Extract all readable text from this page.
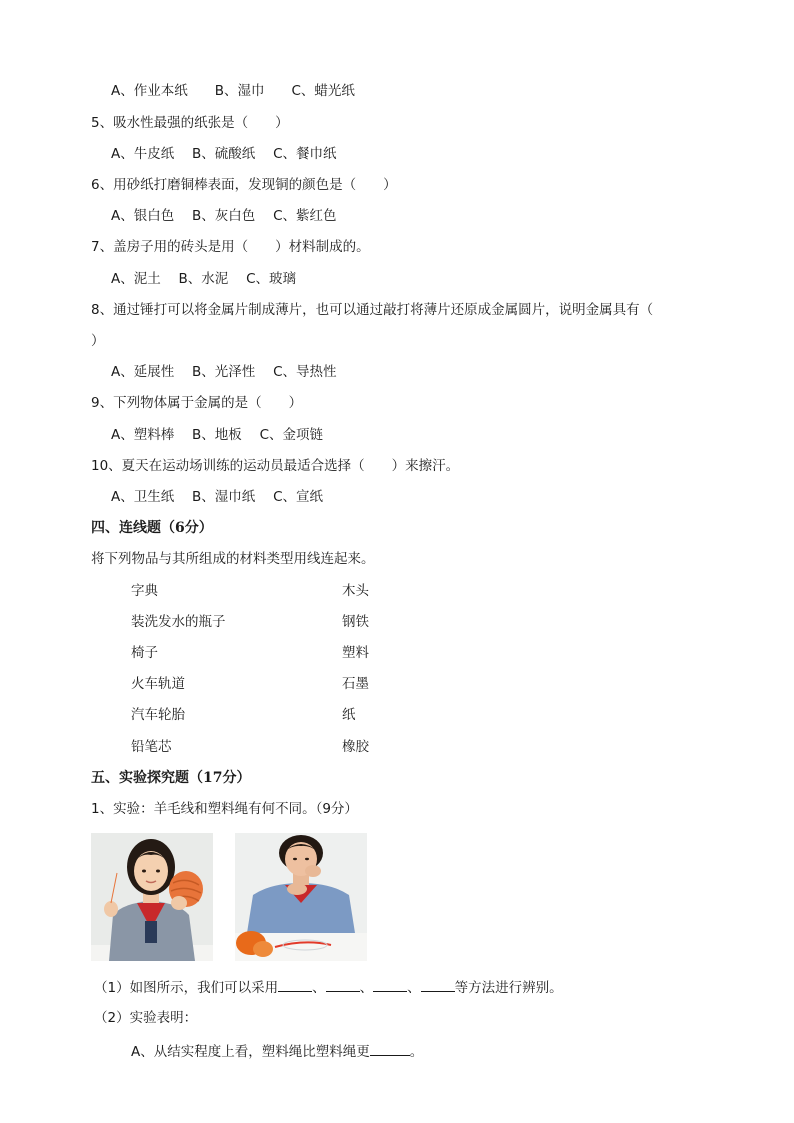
A、作业本纸　　B、湿巾　　C、蜡光纸
5、吸水性最强的纸张是（　　）
A、牛皮纸　 B、硫酸纸　 C、餐巾纸
6、用砂纸打磨铜棒表面，发现铜的颜色是（　　）
A、银白色　 B、灰白色　 C、紫红色
7、盖房子用的砖头是用（　　）材料制成的。
A、泥土　 B、水泥　 C、玻璃
8、通过锤打可以将金属片制成薄片，也可以通过敲打将薄片还原成金属圆片，说明金属具有（
）
A、延展性　 B、光泽性　 C、导热性
9、下列物体属于金属的是（　　）
A、塑料棒　 B、地板　 C、金项链
10、夏天在运动场训练的运动员最适合选择（　　）来擦汗。
A、卫生纸　 B、湿巾纸　 C、宣纸
四、连线题（6分）
将下列物品与其所组成的材料类型用线连起来。
字典	木头
装洗发水的瓶子	钢铁
椅子	塑料
火车轨道	石墨
汽车轮胎	纸
铅笔芯	橡胶
五、实验探究题（17分）
1、实验：羊毛线和塑料绳有何不同。（9分）
（1）如图所示，我们可以采用	、	、	、	等方法进行辨别。
（2）实验表明：
A、从结实程度上看，塑料绳比塑料绳更	。
